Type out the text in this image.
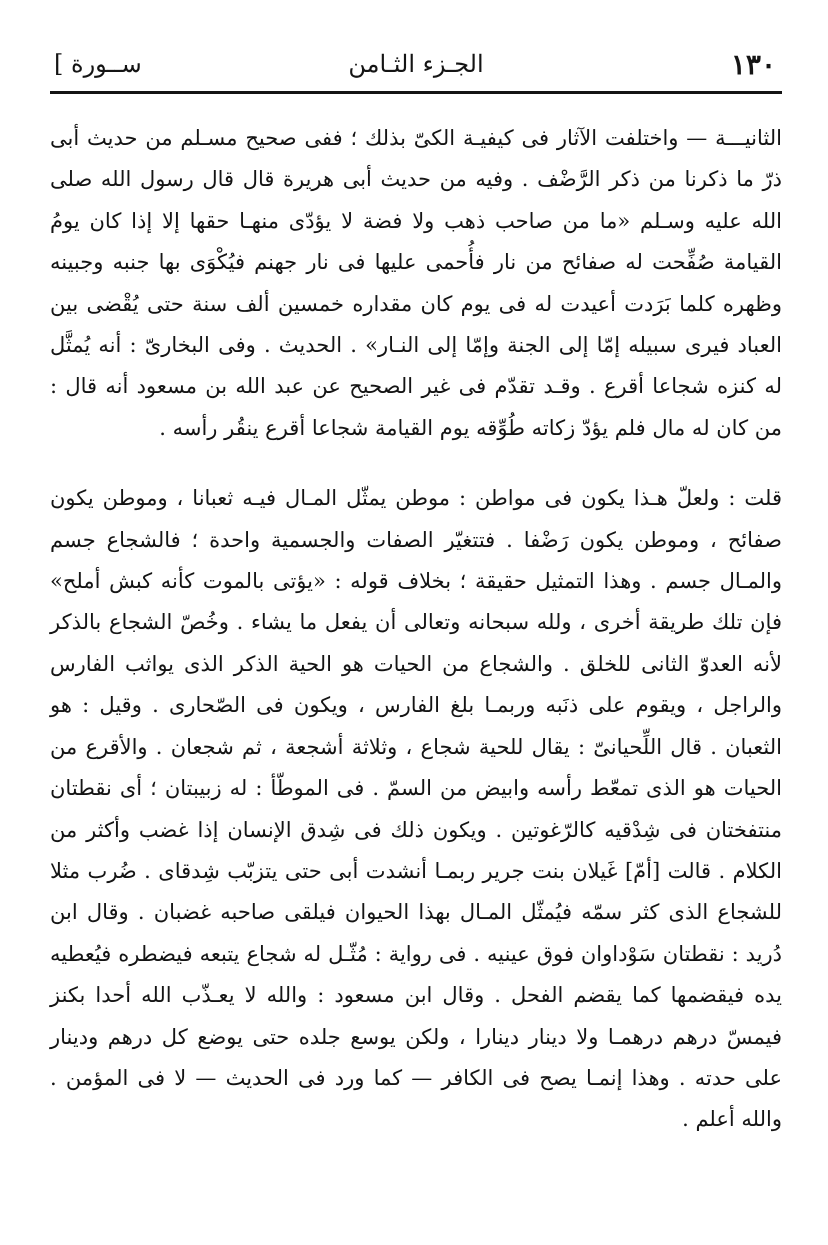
١٣٠
الجـزء الثـامن
[ ســورة

الثانيـــة — واختلفت الآثار فى كيفيـة الكىّ بذلك ؛ ففى صحيح مسـلم من حديث أبى ذرّ ما ذكرنا من ذكر الرَّضْف . وفيه من حديث أبى هريرة قال قال رسول الله صلى الله عليه وسـلم «ما من صاحب ذهب ولا فضة لا يؤدّى منهـا حقها إلا إذا كان يومُ القيامة صُفِّحت له صفائح من نار فأُحمى عليها فى نار جهنم فيُكْوَى بها جنبه وجبينه وظهره كلما بَرَدت أعيدت له فى يوم كان مقداره خمسين ألف سنة حتى يُقْضى بين العباد فيرى سبيله إمّا إلى الجنة وإمّا إلى النـار» . الحديث . وفى البخارىّ : أنه يُمثَّل له كنزه شجاعا أقرع . وقـد تقدّم فى غير الصحيح عن عبد الله بن مسعود أنه قال : من كان له مال فلم يؤدّ زكاته طُوِّقه يوم القيامة شجاعا أقرع ينقُر رأسه .

قلت : ولعلّ هـذا يكون فى مواطن : موطن يمثّل المـال فيـه ثعبانا ، وموطن يكون صفائح ، وموطن يكون رَضْفا . فتتغيّر الصفات والجسمية واحدة ؛ فالشجاع جسم والمـال جسم . وهذا التمثيل حقيقة ؛ بخلاف قوله : «يؤتى بالموت كأنه كبش أملح» فإن تلك طريقة أخرى ، ولله سبحانه وتعالى أن يفعل ما يشاء . وخُصّ الشجاع بالذكر لأنه العدوّ الثانى للخلق . والشجاع من الحيات هو الحية الذكر الذى يواثب الفارس والراجل ، ويقوم على ذنَبه وربمـا بلغ الفارس ، ويكون فى الصّحارى . وقيل : هو الثعبان . قال اللِّحيانىّ : يقال للحية شجاع ، وثلاثة أشجعة ، ثم شجعان . والأقرع من الحيات هو الذى تمعّط رأسه وابيض من السمّ . فى الموطّأ : له زبيبتان ؛ أى نقطتان منتفختان فى شِدْقيه كالرّغوتين . ويكون ذلك فى شِدق الإنسان إذا غضب وأكثر من الكلام . قالت [أمّ] غَيلان بنت جرير ربمـا أنشدت أبى حتى يتزبّب شِدقاى . ضُرب مثلا للشجاع الذى كثر سمّه فيُمثّل المـال بهذا الحيوان فيلقى صاحبه غضبان . وقال ابن دُريد : نقطتان سَوْداوان فوق عينيه . فى رواية : مُثّـل له شجاع يتبعه فيضطره فيُعطيه يده فيقضمها كما يقضم الفحل . وقال ابن مسعود : والله لا يعـذّب الله أحدا بكنز فيمسّ درهم درهمـا ولا دينار دينارا ، ولكن يوسع جلده حتى يوضع كل درهم ودينار على حدته . وهذا إنمـا يصح فى الكافر — كما ورد فى الحديث — لا فى المؤمن . والله أعلم .
